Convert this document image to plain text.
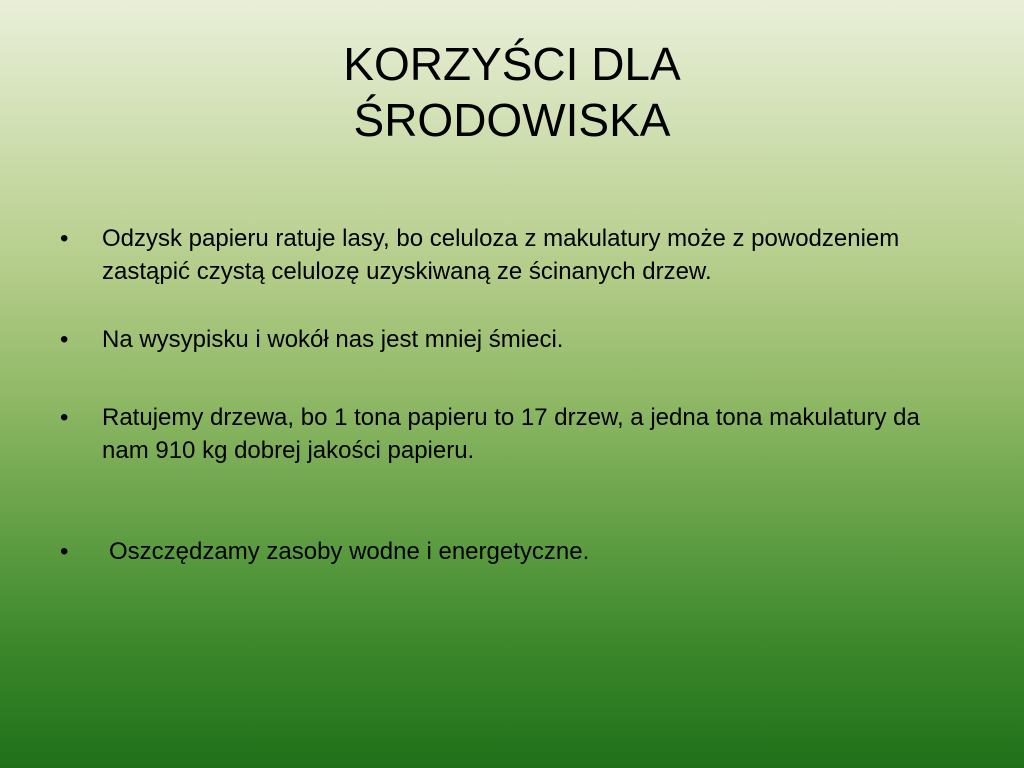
KORZYŚCI DLA
ŚRODOWISKA
•	Odzysk papieru ratuje lasy, bo celuloza z makulatury może z powodzeniem zastąpić czystą celulozę uzyskiwaną ze ścinanych drzew.
•	Na wysypisku i wokół nas jest mniej śmieci.
•	Ratujemy drzewa, bo 1 tona papieru to 17 drzew, a jedna tona makulatury da nam 910 kg dobrej jakości papieru.
•	Oszczędzamy zasoby wodne i energetyczne.
